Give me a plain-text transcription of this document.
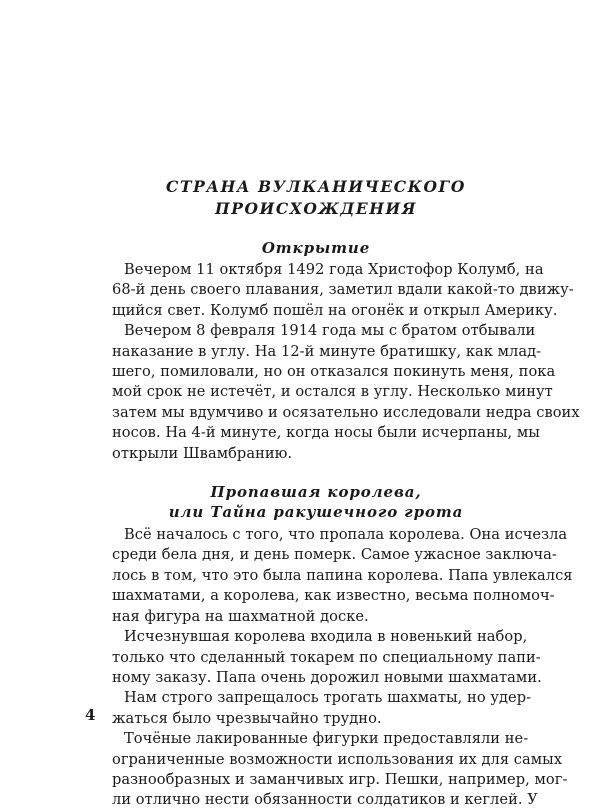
СТРАНА ВУЛКАНИЧЕСКОГО
ПРОИСХОЖДЕНИЯ
Открытие

Вечером 11 октября 1492 года Христофор Колумб, на
68-й день своего плавания, заметил вдали какой-то движу-
щийся свет. Колумб пошёл на огонёк и открыл Америку.

Вечером 8 февраля 1914 года мы с братом отбывали
наказание в углу. На 12-й минуте братишку, как млад-
шего, помиловали, но он отказался покинуть меня, пока
мой срок не истечёт, и остался в углу. Несколько минут
затем мы вдумчиво и осязательно исследовали недра своих
носов. На 4-й минуте, когда носы были исчерпаны, мы
открыли Швамбранию.

Пропавшая королева,
или Тайна ракушечного грота

Всё началось с того, что пропала королева. Она исчезла
среди бела дня, и день померк. Самое ужасное заключа-
лось в том, что это была папина королева. Папа увлекался
шахматами, а королева, как известно, весьма полномоч-
ная фигура на шахматной доске.

Исчезнувшая королева входила в новенький набор,
только что сделанный токарем по специальному папи-
ному заказу. Папа очень дорожил новыми шахматами.

Нам строго запрещалось трогать шахматы, но удер-
жаться было чрезвычайно трудно.

Точёные лакированные фигурки предоставляли не-
ограниченные возможности использования их для самых
разнообразных и заманчивых игр. Пешки, например, мог-
ли отлично нести обязанности солдатиков и кеглей. У

4
